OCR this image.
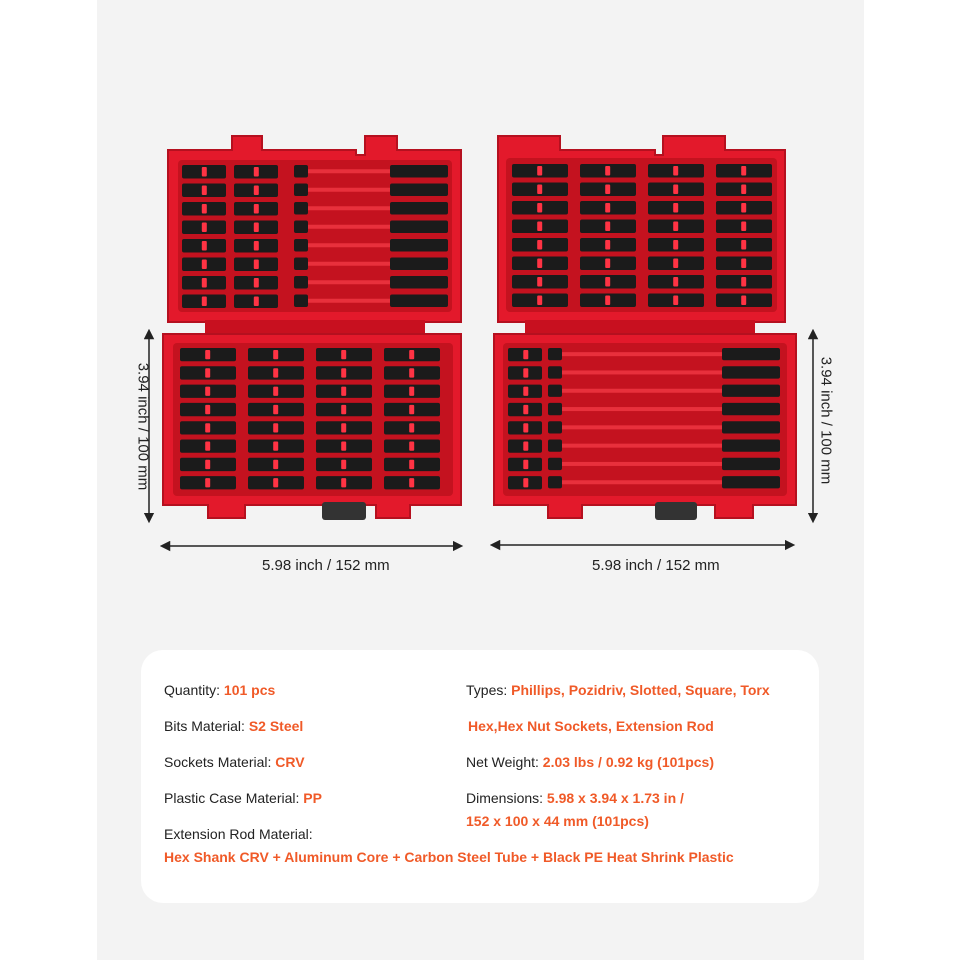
5.98 inch / 152 mm	5.98 inch / 152 mm
3.94 inch / 100 mm	3.94 inch / 100 mm
Quantity: 101 pcs
Bits Material: S2 Steel
Sockets Material: CRV
Plastic Case Material: PP
Extension Rod Material:
Hex Shank CRV + Aluminum Core + Carbon Steel Tube + Black PE Heat Shrink Plastic
Types: Phillips, Pozidriv, Slotted, Square, Torx
Hex,Hex Nut Sockets, Extension Rod
Net Weight: 2.03 lbs / 0.92 kg (101pcs)
Dimensions: 5.98 x 3.94 x 1.73 in /
152 x 100 x 44 mm (101pcs)
